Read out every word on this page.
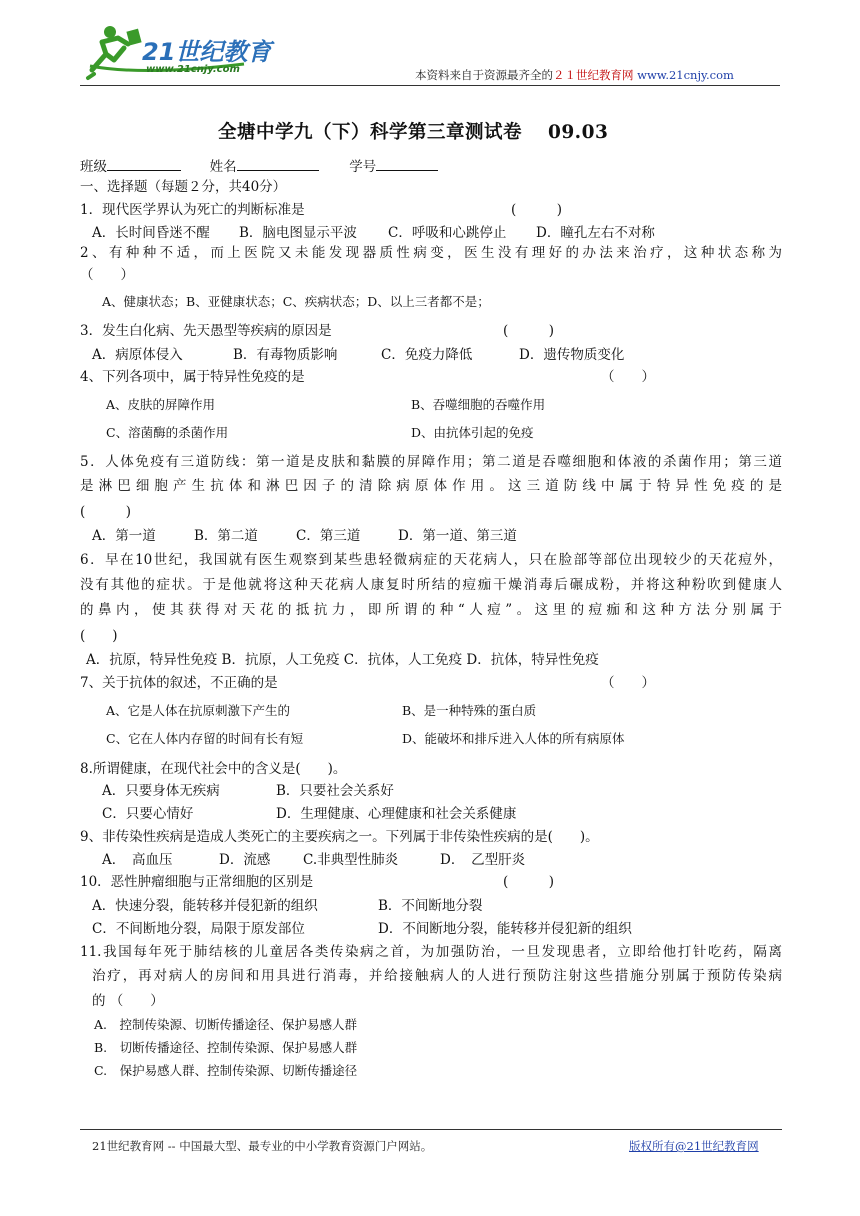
21世纪教育
www.21cnjy.com	本资料来自于资源最齐全的２１世纪教育网 www.21cnjy.com
全塘中学九（下）科学第三章测试卷　 09.03
班级	姓名	学号
一、选择题（每题２分，共40分）
1．现代医学界认为死亡的判断标准是	(　　　)
A．长时间昏迷不醒 B．脑电图显示平波 C．呼吸和心跳停止 D．瞳孔左右不对称
2、有种种不适，而上医院又未能发现器质性病变，医生没有理好的办法来治疗，这种状态称为
（　　）
A、健康状态；B、亚健康状态；C、疾病状态；D、以上三者都不是；
3．发生白化病、先天愚型等疾病的原因是	(　　　)
A．病原体侵入	B．有毒物质影响	C．免疫力降低	D．遗传物质变化
4、下列各项中，属于特异性免疫的是	（　　）
A、皮肤的屏障作用	B、吞噬细胞的吞噬作用
C、溶菌酶的杀菌作用	D、由抗体引起的免疫
5．人体免疫有三道防线：第一道是皮肤和黏膜的屏障作用；第二道是吞噬细胞和体液的杀菌作用；第三道
是淋巴细胞产生抗体和淋巴因子的清除病原体作用。这三道防线中属于特异性免疫的是
(　　　)
A．第一道	B．第二道	C．第三道	D．第一道、第三道
6．早在10世纪，我国就有医生观察到某些患轻微病症的天花病人，只在脸部等部位出现较少的天花痘外，
没有其他的症状。于是他就将这种天花病人康复时所结的痘痂干燥消毒后碾成粉，并将这种粉吹到健康人
的鼻内，使其获得对天花的抵抗力，即所谓的种“人痘”。这里的痘痂和这种方法分别属于
(　　)
A．抗原，特异性免疫 B．抗原，人工免疫 C．抗体，人工免疫 D．抗体，特异性免疫
7、关于抗体的叙述，不正确的是	（　　）
A、它是人体在抗原刺激下产生的	B、是一种特殊的蛋白质
C、它在人体内存留的时间有长有短	D、能破坏和排斥进入人体的所有病原体
8.所谓健康，在现代社会中的含义是(　　)。
A．只要身体无疾病	B．只要社会关系好
C．只要心情好	D．生理健康、心理健康和社会关系健康
9、非传染性疾病是造成人类死亡的主要疾病之一。下列属于非传染性疾病的是(　　)。
A．　高血压	D．流感 C.非典型性肺炎	D．　乙型肝炎
10．恶性肿瘤细胞与正常细胞的区别是	(　　　)
A．快速分裂，能转移并侵犯新的组织	B．不间断地分裂
C．不间断地分裂，局限于原发部位	D．不间断地分裂，能转移并侵犯新的组织
11.我国每年死于肺结核的儿童居各类传染病之首，为加强防治，一旦发现患者，立即给他打针吃药，隔离
治疗，再对病人的房间和用具进行消毒，并给接触病人的人进行预防注射这些措施分别属于预防传染病
的 （　　）
A.　控制传染源、切断传播途径、保护易感人群
B.　切断传播途径、控制传染源、保护易感人群
C.　保护易感人群、控制传染源、切断传播途径
21世纪教育网 -- 中国最大型、最专业的中小学教育资源门户网站。	版权所有@21世纪教育网
